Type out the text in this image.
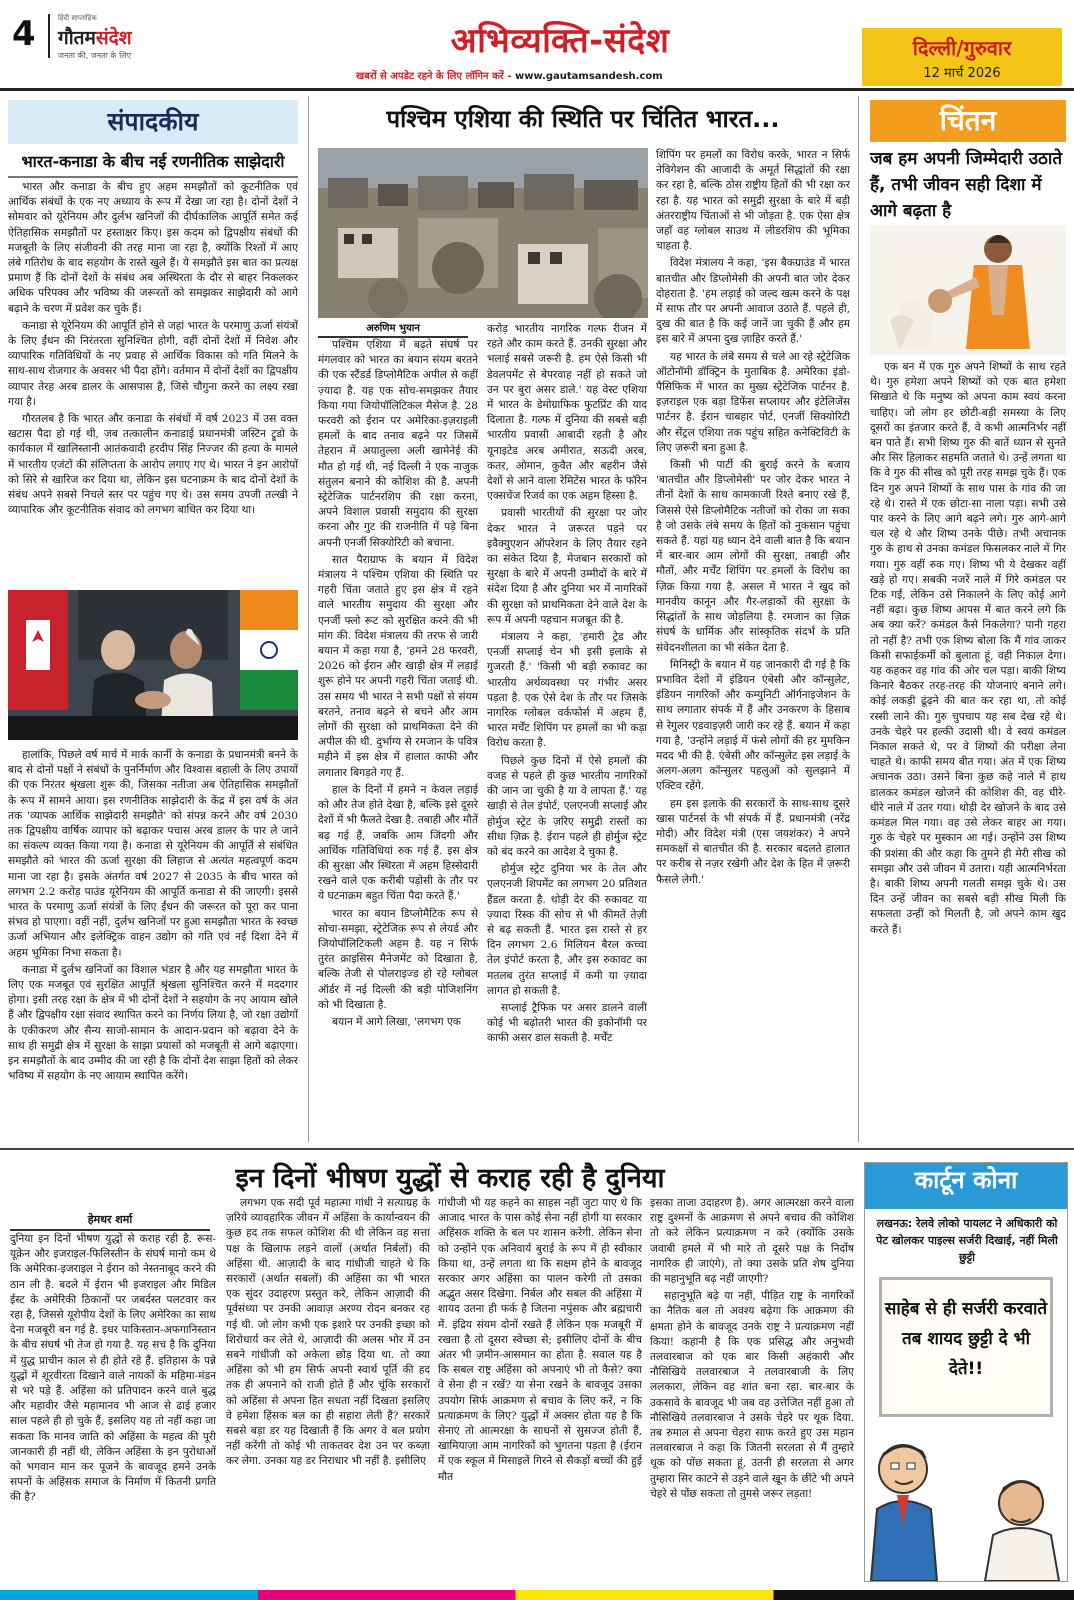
4	हिंदी साप्ताहिक
गौतमसंदेश
जनता की, जनता के लिए	अभिव्यक्ति-संदेश
खबरों से अपडेट रहने के लिए लॉगिन करें - www.gautamsandesh.com
दिल्ली/गुरुवार
12 मार्च 2026
संपादकीय
भारत-कनाडा के बीच नई रणनीतिक साझेदारी

भारत और कनाडा के बीच हुए अहम समझौतों को कूटनीतिक एवं आर्थिक संबंधों के एक नए अध्याय के रूप में देखा जा रहा है। दोनों देशों ने सोमवार को यूरेनियम और दुर्लभ खनिजों की दीर्घकालिक आपूर्ति समेत कई ऐतिहासिक समझौतों पर हस्ताक्षर किए। इस कदम को द्विपक्षीय संबंधों की मजबूती के लिए संजीवनी की तरह माना जा रहा है, क्योंकि रिश्तों में आए लंबे गतिरोध के बाद सहयोग के रास्ते खुले हैं। ये समझौते इस बात का प्रत्यक्ष प्रमाण हैं कि दोनों देशों के संबंध अब अस्थिरता के दौर से बाहर निकलकर अधिक परिपक्व और भविष्य की जरूरतों को समझकर साझेदारी को आगे बढ़ाने के चरण में प्रवेश कर चुके हैं।

कनाडा से यूरेनियम की आपूर्ति होने से जहां भारत के परमाणु ऊर्जा संयंत्रों के लिए ईंधन की निरंतरता सुनिश्चित होगी, वहीं दोनों देशों में निवेश और व्यापारिक गतिविधियों के नए प्रवाह से आर्थिक विकास को गति मिलने के साथ-साथ रोजगार के अवसर भी पैदा होंगे। वर्तमान में दोनों देशों का द्विपक्षीय व्यापार तेरह अरब डालर के आसपास है, जिसे चौगुना करने का लक्ष्य रखा गया है।

गौरतलब है कि भारत और कनाडा के संबंधों में वर्ष 2023 में उस वक्त खटास पैदा हो गई थी, जब तत्कालीन कनाडाई प्रधानमंत्री जस्टिन ट्रूडो के कार्यकाल में खालिस्तानी आतंकवादी हरदीप सिंह निज्जर की हत्या के मामले में भारतीय एजंटों की संलिप्तता के आरोप लगाए गए थे। भारत ने इन आरोपों को सिरे से खारिज कर दिया था, लेकिन इस घटनाक्रम के बाद दोनों देशों के संबंध अपने सबसे निचले स्तर पर पहुंच गए थे। उस समय उपजी तल्खी ने व्यापारिक और कूटनीतिक संवाद को लगभग बाधित कर दिया था।

हालांकि, पिछले वर्ष मार्च में मार्क कार्नी के कनाडा के प्रधानमंत्री बनने के बाद से दोनों पक्षों ने संबंधों के पुनर्निर्माण और विश्वास बहाली के लिए उपायों की एक निरंतर श्रृंखला शुरू की, जिसका नतीजा अब ऐतिहासिक समझौतों के रूप में सामने आया। इस रणनीतिक साझेदारी के केंद्र में इस वर्ष के अंत तक 'व्यापक आर्थिक साझेदारी समझौते' को संपन्न करने और वर्ष 2030 तक द्विपक्षीय वार्षिक व्यापार को बढ़ाकर पचास अरब डालर के पार ले जाने का संकल्प व्यक्त किया गया है। कनाडा से यूरेनियम की आपूर्ति से संबंधित समझौते को भारत की ऊर्जा सुरक्षा की लिहाज से अत्यंत महत्वपूर्ण कदम माना जा रहा है। इसके अंतर्गत वर्ष 2027 से 2035 के बीच भारत को लगभग 2.2 करोड़ पाउंड यूरेनियम की आपूर्ति कनाडा से की जाएगी। इससे भारत के परमाणु ऊर्जा संयंत्रों के लिए ईंधन की जरूरत को पूरा कर पाना संभव हो पाएगा। वहीं नहीं, दुर्लभ खनिजों पर हुआ समझौता भारत के स्वच्छ ऊर्जा अभियान और इलेक्ट्रिक वाहन उद्योग को गति एवं नई दिशा देने में अहम भूमिका निभा सकता है।

कनाडा में दुर्लभ खनिजों का विशाल भंडार है और यह समझौता भारत के लिए एक मजबूत एवं सुरक्षित आपूर्ति श्रृंखला सुनिश्चित करने में मददगार होगा। इसी तरह रक्षा के क्षेत्र में भी दोनों देशों ने सहयोग के नए आयाम खोले हैं और द्विपक्षीय रक्षा संवाद स्थापित करने का निर्णय लिया है, जो रक्षा उद्योगों के एकीकरण और सैन्य साजो-सामान के आदान-प्रदान को बढ़ावा देने के साथ ही समुद्री क्षेत्र में सुरक्षा के साझा प्रयासों को मजबूती से आगे बढ़ाएगा। इन समझौतों के बाद उम्मीद की जा रही है कि दोनों देश साझा हितों को लेकर भविष्य में सहयोग के नए आयाम स्थापित करेंगे।

पश्चिम एशिया की स्थिति पर चिंतित भारत...
अरुणिम भुयान

पश्चिम एशिया में बढ़ते संघर्ष पर मंगलवार को भारत का बयान संयम बरतने की एक स्टैंडर्ड डिप्लोमैटिक अपील से कहीं ज़्यादा है. यह एक सोच-समझकर तैयार किया गया जियोपॉलिटिकल मैसेज है. 28 फरवरी को ईरान पर अमेरिका-इज़राइली हमलों के बाद तनाव बढ़ने पर जिसमें तेहरान में अयातुल्ला अली खामेनेई की मौत हो गई थी, नई दिल्ली ने एक नाजुक संतुलन बनाने की कोशिश की है. अपनी स्ट्रेटेजिक पार्टनरशिप की रक्षा करना, अपने विशाल प्रवासी समुदाय की सुरक्षा करना और गुट की राजनीति में पड़े बिना अपनी एनर्जी सिक्योरिटी को बचाना.

सात पैराग्राफ के बयान में विदेश मंत्रालय ने पश्चिम एशिया की स्थिति पर गहरी चिंता जताते हुए इस क्षेत्र में रहने वाले भारतीय समुदाय की सुरक्षा और एनर्जी फ्लो रूट को सुरक्षित करने की भी मांग की. विदेश मंत्रालय की तरफ से जारी बयान में कहा गया है, 'हमने 28 फरवरी, 2026 को ईरान और खाड़ी क्षेत्र में लड़ाई शुरू होने पर अपनी गहरी चिंता जताई थी. उस समय भी भारत ने सभी पक्षों से संयम बरतने, तनाव बढ़ने से बचने और आम लोगों की सुरक्षा को प्राथमिकता देने की अपील की थी. दुर्भाग्य से रमजान के पवित्र महीने में इस क्षेत्र में हालात काफी और लगातार बिगड़ते गए हैं.

हाल के दिनों में हमने न केवल लड़ाई को और तेज होते देखा है, बल्कि इसे दूसरे देशों में भी फैलते देखा है. तबाही और मौतें बढ़ गई हैं, जबकि आम जिंदगी और आर्थिक गतिविधियां रुक गई हैं. इस क्षेत्र की सुरक्षा और स्थिरता में अहम हिस्सेदारी रखने वाले एक करीबी पड़ोसी के तौर पर ये घटनाक्रम बहुत चिंता पैदा करते हैं.'

भारत का बयान डिप्लोमैटिक रूप से सोचा-समझा, स्ट्रेटेजिक रूप से लेयर्ड और जियोपॉलिटिकली अहम है. यह न सिर्फ तुरंत क्राइसिस मैनेजमेंट को दिखाता है, बल्कि तेजी से पोलराइज्ड हो रहे ग्लोबल ऑर्डर में नई दिल्ली की बड़ी पोजिशनिंग को भी दिखाता है.

बयान में आगे लिखा, 'लगभग एक

करोड़ भारतीय नागरिक गल्फ रीजन में रहते और काम करते हैं. उनकी सुरक्षा और भलाई सबसे जरूरी है. हम ऐसे किसी भी डेवलपमेंट से बेपरवाह नहीं हो सकते जो उन पर बुरा असर डाले.' यह वेस्ट एशिया में भारत के डेमोग्राफिक फुटप्रिंट की याद दिलाता है. गल्फ में दुनिया की सबसे बड़ी भारतीय प्रवासी आबादी रहती है और यूनाइटेड अरब अमीरात, सऊदी अरब, कतर, ओमान, कुवैत और बहरीन जैसे देशों से आने वाला रेमिटेंस भारत के फॉरेन एक्सचेंज रिजर्व का एक अहम हिस्सा है.

प्रवासी भारतीयों की सुरक्षा पर जोर देकर भारत ने जरूरत पड़ने पर इवैक्युएशन ऑपरेशन के लिए तैयार रहने का संकेत दिया है, मेजबान सरकारों को सुरक्षा के बारे में अपनी उम्मीदों के बारे में संदेश दिया है और दुनिया भर में नागरिकों की सुरक्षा को प्राथमिकता देने वाले देश के रूप में अपनी पहचान मजबूत की है.

मंत्रालय ने कहा, 'हमारी ट्रेड और एनर्जी सप्लाई चेन भी इसी इलाके से गुजरती हैं.' 'किसी भी बड़ी रुकावट का भारतीय अर्थव्यवस्था पर गंभीर असर पड़ता है. एक ऐसे देश के तौर पर जिसके नागरिक ग्लोबल वर्कफोर्स में अहम हैं, भारत मर्चेंट शिपिंग पर हमलों का भी कड़ा विरोध करता है.

पिछले कुछ दिनों में ऐसे हमलों की वजह से पहले ही कुछ भारतीय नागरिकों की जान जा चुकी है या वे लापता हैं.' यह खाड़ी से तेल इंपोर्ट, एलएनजी सप्लाई और होर्मुज स्ट्रेट के ज़रिए समुद्री रास्तों का सीधा ज़िक्र है. ईरान पहले ही होर्मुज स्ट्रेट को बंद करने का आदेश दे चुका है.

होर्मुज स्ट्रेट दुनिया भर के तेल और एलएनजी शिपमेंट का लगभग 20 प्रतिशत हैंडल करता है. थोड़ी देर की रुकावट या ज़्यादा रिस्क की सोच से भी कीमतें तेज़ी से बढ़ सकती हैं. भारत इस रास्ते से हर दिन लगभग 2.6 मिलियन बैरल कच्चा तेल इंपोर्ट करता है, और इस रुकावट का मतलब तुरंत सप्लाई में कमी या ज़्यादा लागत हो सकती है.

सप्लाई ट्रैफिक पर असर डालने वाली कोई भी बढ़ोतरी भारत की इकोनॉमी पर काफी असर डाल सकती है. मर्चेंट

शिपिंग पर हमलों का विरोध करके, भारत न सिर्फ नेविगेशन की आजादी के अमूर्त सिद्धांतों की रक्षा कर रहा है, बल्कि ठोस राष्ट्रीय हितों की भी रक्षा कर रहा है. यह भारत को समुद्री सुरक्षा के बारे में बड़ी अंतरराष्ट्रीय चिंताओं से भी जोड़ता है. एक ऐसा क्षेत्र जहाँ वह ग्लोबल साउथ में लीडरशिप की भूमिका चाहता है.

विदेश मंत्रालय ने कहा, 'इस बैकग्राउंड में भारत बातचीत और डिप्लोमेसी की अपनी बात जोर देकर दोहराता है. 'हम लड़ाई को जल्द खत्म करने के पक्ष में साफ तौर पर अपनी आवाज उठाते हैं. पहले ही, दुख की बात है कि कई जानें जा चुकी हैं और हम इस बारे में अपना दुख ज़ाहिर करते हैं.'

यह भारत के लंबे समय से चले आ रहे स्ट्रेटेजिक ऑटोनॉमी डॉक्ट्रिन के मुताबिक है. अमेरिका इंडो-पैसिफिक में भारत का मुख्य स्ट्रेटेजिक पार्टनर है. इज़राइल एक बड़ा डिफेंस सप्लायर और इंटेलिजेंस पार्टनर है. ईरान चाबहार पोर्ट, एनर्जी सिक्योरिटी और सेंट्रल एशिया तक पहुंच सहित कनेक्टिविटी के लिए ज़रूरी बना हुआ है.

किसी भी पार्टी की बुराई करने के बजाय 'बातचीत और डिप्लोमेसी' पर जोर देकर भारत ने तीनों देशों के साथ कामकाजी रिश्ते बनाए रखे हैं, जिससे ऐसे डिप्लोमैटिक नतीजों को रोका जा सका है जो उसके लंबे समय के हितों को नुकसान पहुंचा सकते हैं. यहां यह ध्यान देने वाली बात है कि बयान में बार-बार आम लोगों की सुरक्षा, तबाही और मौतों, और मर्चेंट शिपिंग पर हमलों के विरोध का ज़िक्र किया गया है. असल में भारत ने खुद को मानवीय कानून और गैर-लड़ाकों की सुरक्षा के सिद्धांतों के साथ जोड़लिया है. रमजान का ज़िक्र संघर्ष के धार्मिक और सांस्कृतिक संदर्भ के प्रति संवेदनशीलता का भी संकेत देता है.

मिनिस्ट्री के बयान में यह जानकारी दी गई है कि प्रभावित देशों में इंडियन एंबेसी और कॉन्सुलेट, इंडियन नागरिकों और कम्युनिटी ऑर्गनाइजेशन के साथ लगातार संपर्क में हैं और उनकरण के हिसाब से रेगुलर एडवाइज़री जारी कर रहे हैं. बयान में कहा गया है, 'उन्होंने लड़ाई में फंसे लोगों की हर मुमकिन मदद भी की है. एंबेसी और कॉन्सुलेट इस लड़ाई के अलग-अलग कॉन्सुलर पहलुओं को सुलझाने में एक्टिव रहेंगे.

हम इस इलाके की सरकारों के साथ-साथ दूसरे खास पार्टनर्स के भी संपर्क में हैं. प्रधानमंत्री (नरेंद्र मोदी) और विदेश मंत्री (एस जयशंकर) ने अपने समकक्षों से बातचीत की है. सरकार बदलते हालात पर करीब से नज़र रखेगी और देश के हित में ज़रूरी फैसले लेगी.'

चिंतन
जब हम अपनी जिम्मेदारी उठाते हैं, तभी जीवन सही दिशा में आगे बढ़ता है

एक बन में एक गुरु अपने शिष्यों के साथ रहते थे। गुरु हमेशा अपने शिष्यों को एक बात हमेशा सिखाते थे कि मनुष्य को अपना काम स्वयं करना चाहिए। जो लोग हर छोटी-बड़ी समस्या के लिए दूसरों का इंतजार करते हैं, वे कभी आत्मनिर्भर नहीं बन पाते हैं। सभी शिष्य गुरु की बातें ध्यान से सुनते और सिर हिलाकर सहमति जताते थे। उन्हें लगता था कि वे गुरु की सीख को पूरी तरह समझ चुके हैं। एक दिन गुरु अपने शिष्यों के साथ पास के गांव की जा रहे थे। रास्ते में एक छोटा-सा नाला पड़ा। सभी उसे पार करने के लिए आगे बढ़ने लगे। गुरु आगे-आगे चल रहे थे और शिष्य उनके पीछे। तभी अचानक गुरु के हाथ से उनका कमंडल फिसलकर नाले में गिर गया। गुरु वहीं रुक गए। शिष्य भी ये देखकर वहीं खड़े हो गए। सबकी नजरें नाले में गिरे कमंडल पर टिक गईं, लेकिन उसे निकालने के लिए कोई आगे नहीं बढ़ा। कुछ शिष्य आपस में बात करने लगे कि अब क्या करें? कमंडल कैसे निकलेगा? पानी गहरा तो नहीं है? तभी एक शिष्य बोला कि मैं गांव जाकर किसी सफाईकर्मी को बुलाता हूं, वही निकाल देगा। यह कहकर वह गांव की ओर चल पड़ा। बाकी शिष्य किनारे बैठकर तरह-तरह की योजनाएं बनाने लगे। कोई लकड़ी ढूंढ़ने की बात कर रहा था, तो कोई रस्सी लाने की। गुरु चुपचाप यह सब देख रहे थे। उनके चेहरे पर हल्की उदासी थी। वे स्वयं कमंडल निकाल सकते थे, पर वे शिष्यों की परीक्षा लेना चाहते थे। काफी समय बीत गया। अंत में एक शिष्य अचानक उठा। उसने बिना कुछ कहे नाले में हाथ डालकर कमंडल खोजने की कोशिश की, वह धीरे-धीरे नाले में उतर गया। थोड़ी देर खोजने के बाद उसे कमंडल मिल गया। वह उसे लेकर बाहर आ गया। गुरु के चेहरे पर मुस्कान आ गई। उन्होंने उस शिष्य की प्रशंसा की और कहा कि तुमने ही मेरी सीख को समझा और उसे जीवन में उतारा। यही आत्मनिर्भरता है। बाकी शिष्य अपनी गलती समझ चुके थे। उस दिन उन्हें जीवन का सबसे बड़ी सीख मिली कि सफलता उन्हीं को मिलती है, जो अपने काम खुद करते हैं।

इन दिनों भीषण युद्धों से कराह रही है दुनिया
हेमधर शर्मा

दुनिया इन दिनों भीषण युद्धों से कराह रही है. रूस-यूक्रेन और इजराइल-फिलिस्तीन के संघर्ष मानो कम थे कि अमेरिका-इजराइल ने ईरान को नेस्तनाबूद करने की ठान ली है. बदले में ईरान भी इजराइल और मिडिल ईस्ट के अमेरिकी ठिकानों पर जबर्दस्त पलटवार कर रहा है, जिससे यूरोपीय देशों के लिए अमेरिका का साथ देना मजबूरी बन गई है. इधर पाकिस्तान-अफगानिस्तान के बीच संघर्ष भी तेज हो गया है. यह सच है कि दुनिया में युद्ध प्राचीन काल से ही होते रहे हैं. इतिहास के पन्ने युद्धों में शूरवीरता दिखाने वाले नायकों के महिमा-मंडन से भरे पड़े हैं. अहिंसा को प्रतिपादन करने वाले बुद्ध और महावीर जैसे महामानव भी आज से ढाई हजार साल पहले ही हो चुके हैं, इसलिए यह तो नहीं कहा जा सकता कि मानव जाति को अहिंसा के महत्व की पूरी जानकारी ही नहीं थी, लेकिन अहिंसा के इन पुरोधाओं को भगवान मान कर पूजने के बावजूद हमने उनके सपनों के अहिंसक समाज के निर्माण में कितनी प्रगति की है?

लगभग एक सदी पूर्व महात्मा गांधी ने सत्याग्रह के ज़रिये व्यावहारिक जीवन में अहिंसा के कार्यान्वयन की कुछ हद तक सफल कोशिश की थी लेकिन वह सत्ता पक्ष के खिलाफ लड़ने वालों (अर्थात निर्बलों) की अहिंसा थी. आज़ादी के बाद गांधीजी चाहते थे कि सरकारों (अर्थात सबलों) की अहिंसा का भी भारत एक सुंदर उदाहरण प्रस्तुत करे, लेकिन आज़ादी की पूर्वसंध्या पर उनकी आवाज़ अरण्य रोदन बनकर रह गई थी. जो लोग कभी एक इशारे पर उनकी इच्छा को शिरोधार्य कर लेते थे, आज़ादी की अलस भोर में उन सबने गांधीजी को अकेला छोड़ दिया था. तो क्या अहिंसा को भी हम सिर्फ अपनी स्वार्थ पूर्ति की हद तक ही अपनाने को राजी होते हैं और चूंकि सरकारों को अहिंसा से अपना हित सधता नहीं दिखता इसलिए वे हमेशा हिंसक बल का ही सहारा लेती हैं? सरकारें सबसे बड़ा डर यह दिखाती हैं कि अगर वे बल प्रयोग नहीं करेंगी तो कोई भी ताकतवर देश उन पर कब्ज़ा कर लेगा. उनका यह डर निराधार भी नहीं है. इसीलिए

गांधीजी भी यह कहने का साहस नहीं जुटा पाए थे कि आजाद भारत के पास कोई सेना नहीं होगी या सरकार अहिंसक शक्ति के बल पर शासन करेगी. लेकिन सेना को उन्होंने एक अनिवार्य बुराई के रूप में ही स्वीकार किया था, उन्हें लगता था कि सक्षम होने के बावजूद सरकार अगर अहिंसा का पालन करेगी तो उसका अद्भुत असर दिखेगा. निर्बल और सबल की अहिंसा में शायद उतना ही फर्क है जितना नपुंसक और ब्रह्मचारी में. इंद्रिय संयम दोनों रखते हैं लेकिन एक मजबूरी में रखता है तो दूसरा स्वेच्छा से; इसीलिए दोनों के बीच अंतर भी ज़मीन-आसमान का होता है. सवाल यह है कि सबल राष्ट्र अहिंसा को अपनाएं भी तो कैसे? क्या वे सेना ही न रखें? या सेना रखने के बावजूद उसका उपयोग सिर्फ आक्रमण से बचाव के लिए करें, न कि प्रत्याक्रमण के लिए? युद्धों में अक्सर होता यह है कि सेनाएं तो आत्मरक्षा के साधनों से सुसज्ज होती हैं, खामियाज़ा आम नागरिकों को भुगतना पड़ता है (ईरान में एक स्कूल में मिसाइलें गिरने से सैकड़ों बच्चों की हुई मौत

इसका ताजा उदाहरण है). अगर आत्मरक्षा करने वाला राष्ट्र दुश्मनों के आक्रमण से अपने बचाव की कोशिश तो करे लेकिन प्रत्याक्रमण न करे (क्योंकि उसके जवाबी हमले में भी मारे तो दूसरे पक्ष के निर्दोष नागरिक ही जाएंगे), तो क्या उसके प्रति शेष दुनिया की महानुभूति बढ़ नहीं जाएगी?

सहानुभूति बढ़े या नहीं, पीड़ित राष्ट्र के नागरिकों का नैतिक बल तो अवश्य बढ़ेगा कि आक्रमण की क्षमता होने के बावजूद उनके राष्ट्र ने प्रत्याक्रमण नहीं किया! कहानी है कि एक प्रसिद्ध और अनुभवी तलवारबाज को एक बार किसी अहंकारी और नौसिखिये तलवारबाज ने तलवारबाजी के लिए ललकारा, लेकिन वह शांत बना रहा. बार-बार के उकसावे के बावजूद भी जब वह उत्तेजित नहीं हुआ तो नौसिखिये तलवारबाज ने उसके चेहरे पर थूक दिया. तब रुमाल से अपना चेहरा साफ करते हुए उस महान तलवारबाज ने कहा कि जितनी सरलता से मैं तुम्हारे थूक को पोंछ सकता हूं, उतनी ही सरलता से अगर तुम्हारा सिर काटने से उड़ने वाले खून के छींटे भी अपने चेहरे से पोंछ सकता तो तुमसे जरूर लड़ता!

कार्टून कोना
लखनऊ: रेलवे लोको पायलट ने अधिकारी को पेट खोलकर पाइल्स सर्जरी दिखाई, नहीं मिली छुट्टी
साहेब से ही सर्जरी करवाते तब शायद छुट्टी दे भी देते!!
